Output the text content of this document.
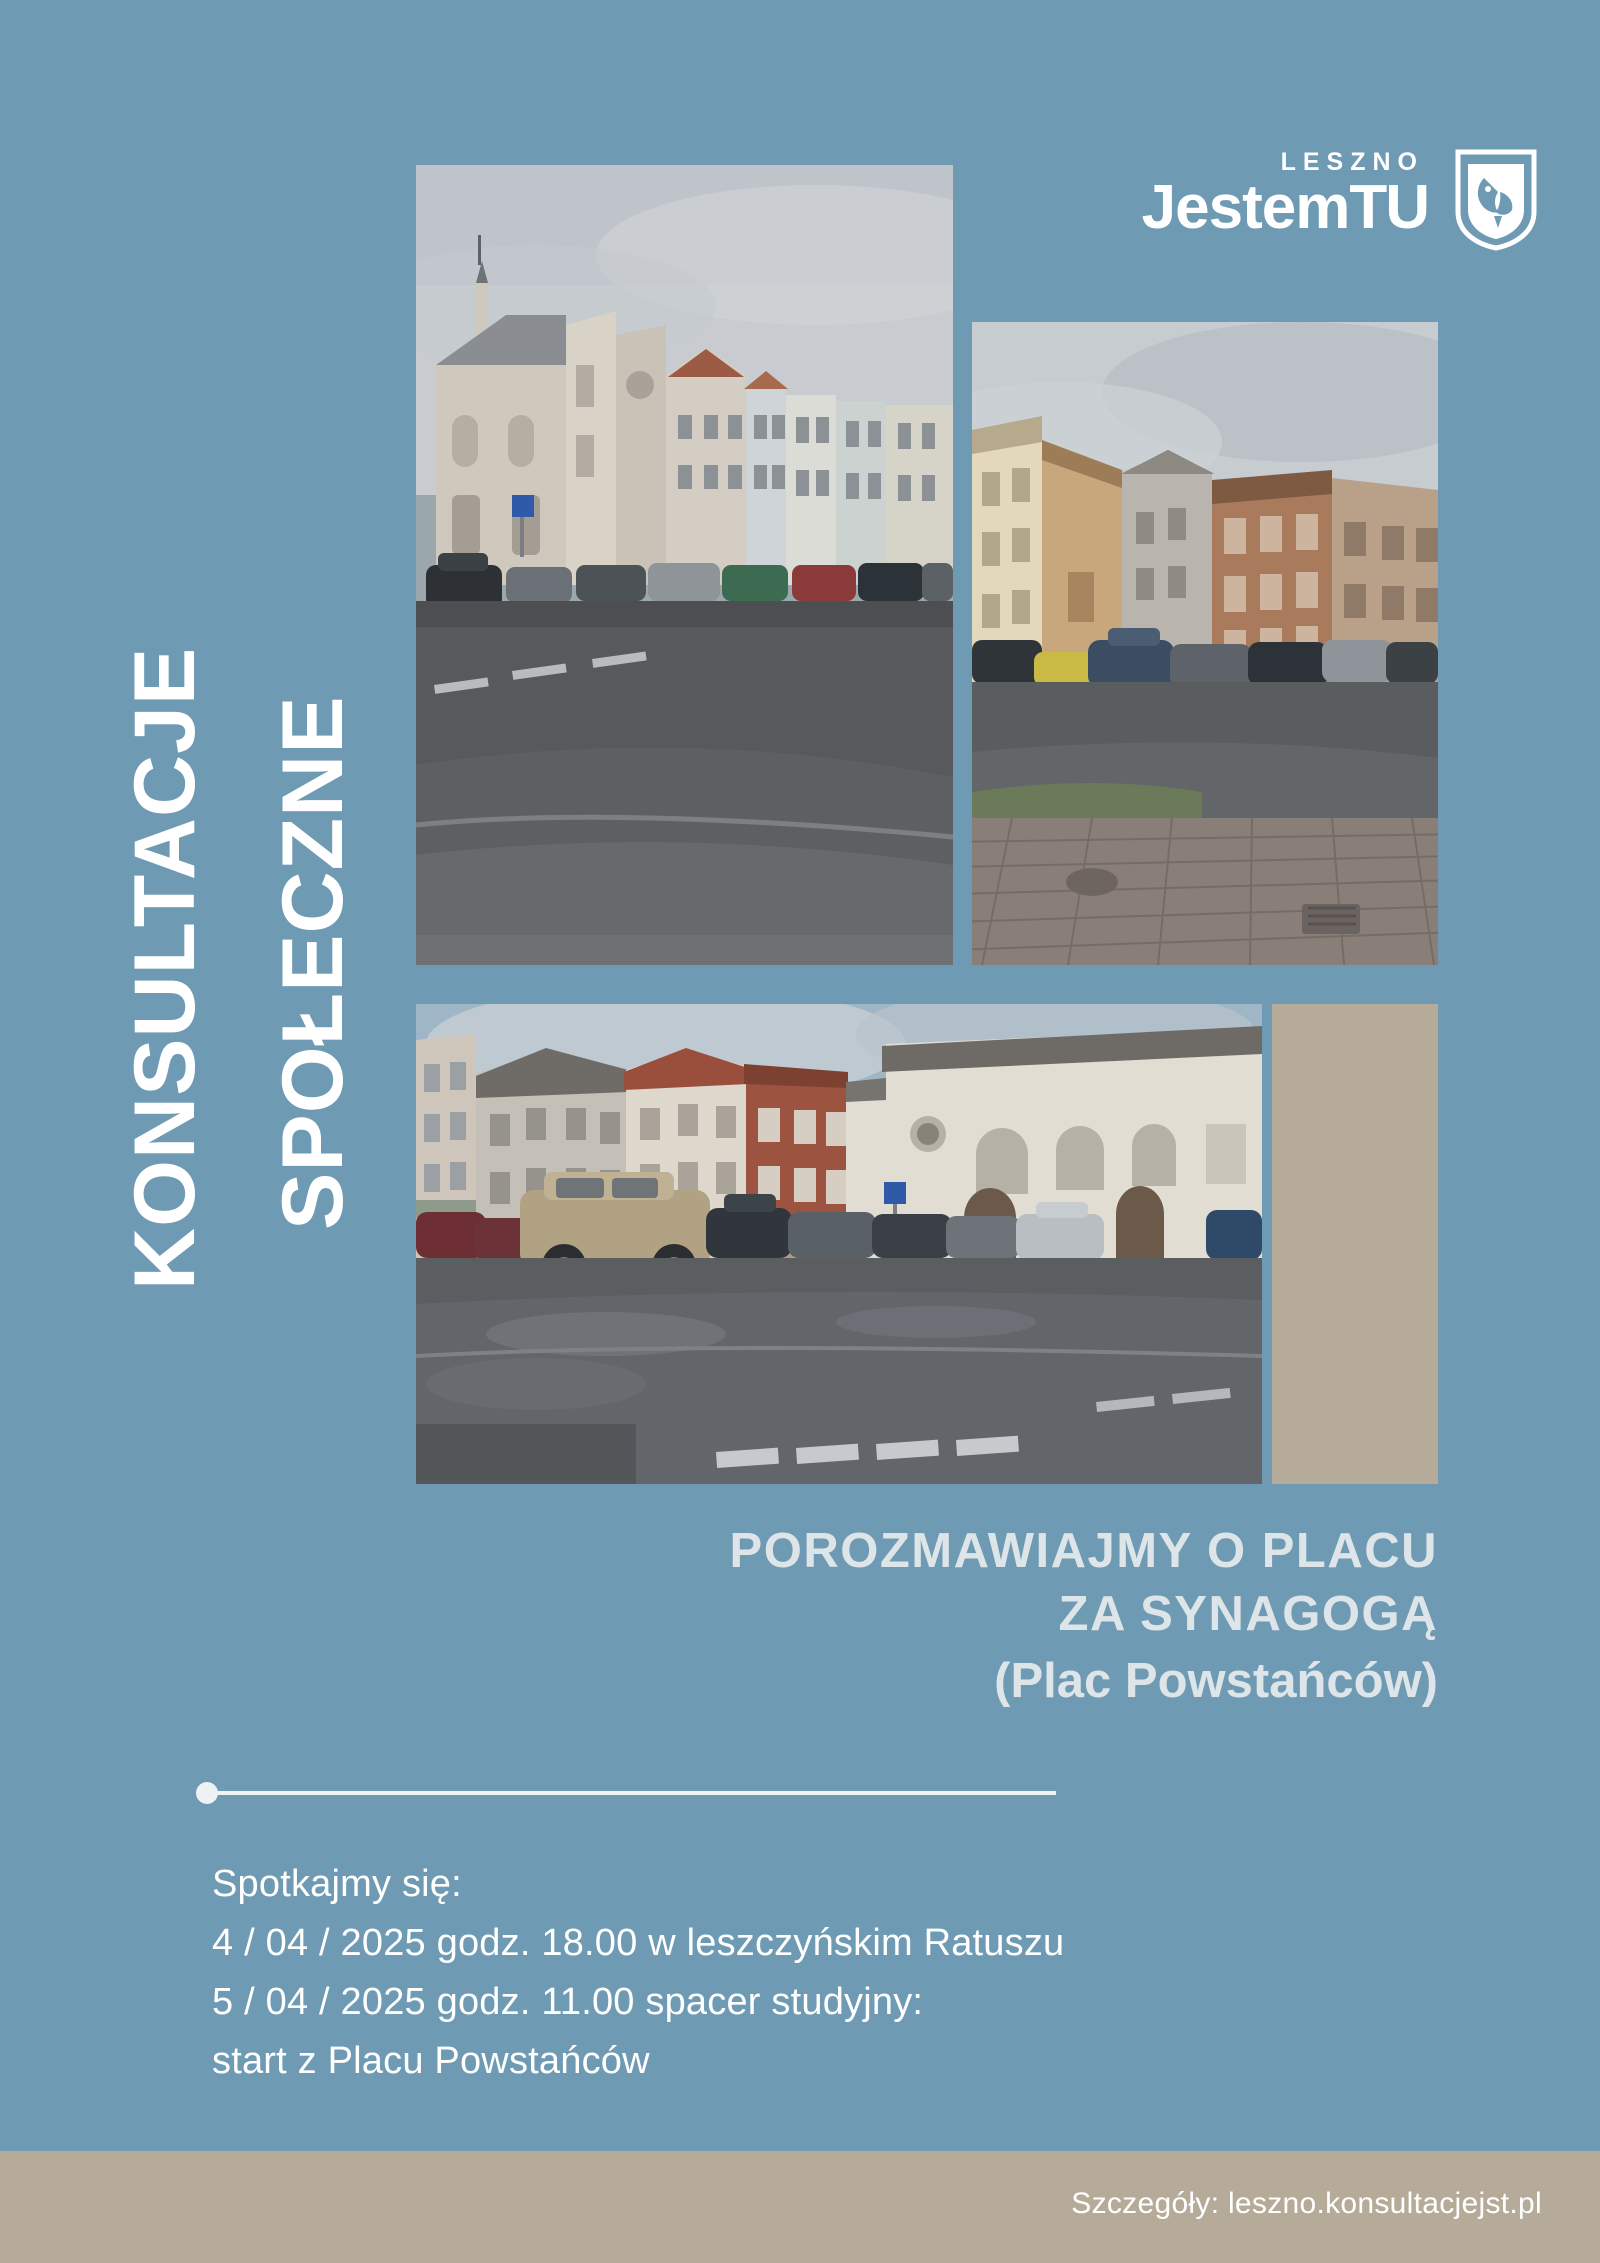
KONSULTACJE SPOŁECZNE
LESZNO
JestemTU
POROZMAWIAJMY O PLACU
ZA SYNAGOGĄ
(Plac Powstańców)
Spotkajmy się:
4 / 04 / 2025 godz. 18.00 w leszczyńskim Ratuszu
5 / 04 / 2025 godz. 11.00 spacer studyjny:
start z Placu Powstańców
Szczegóły: leszno.konsultacjejst.pl
